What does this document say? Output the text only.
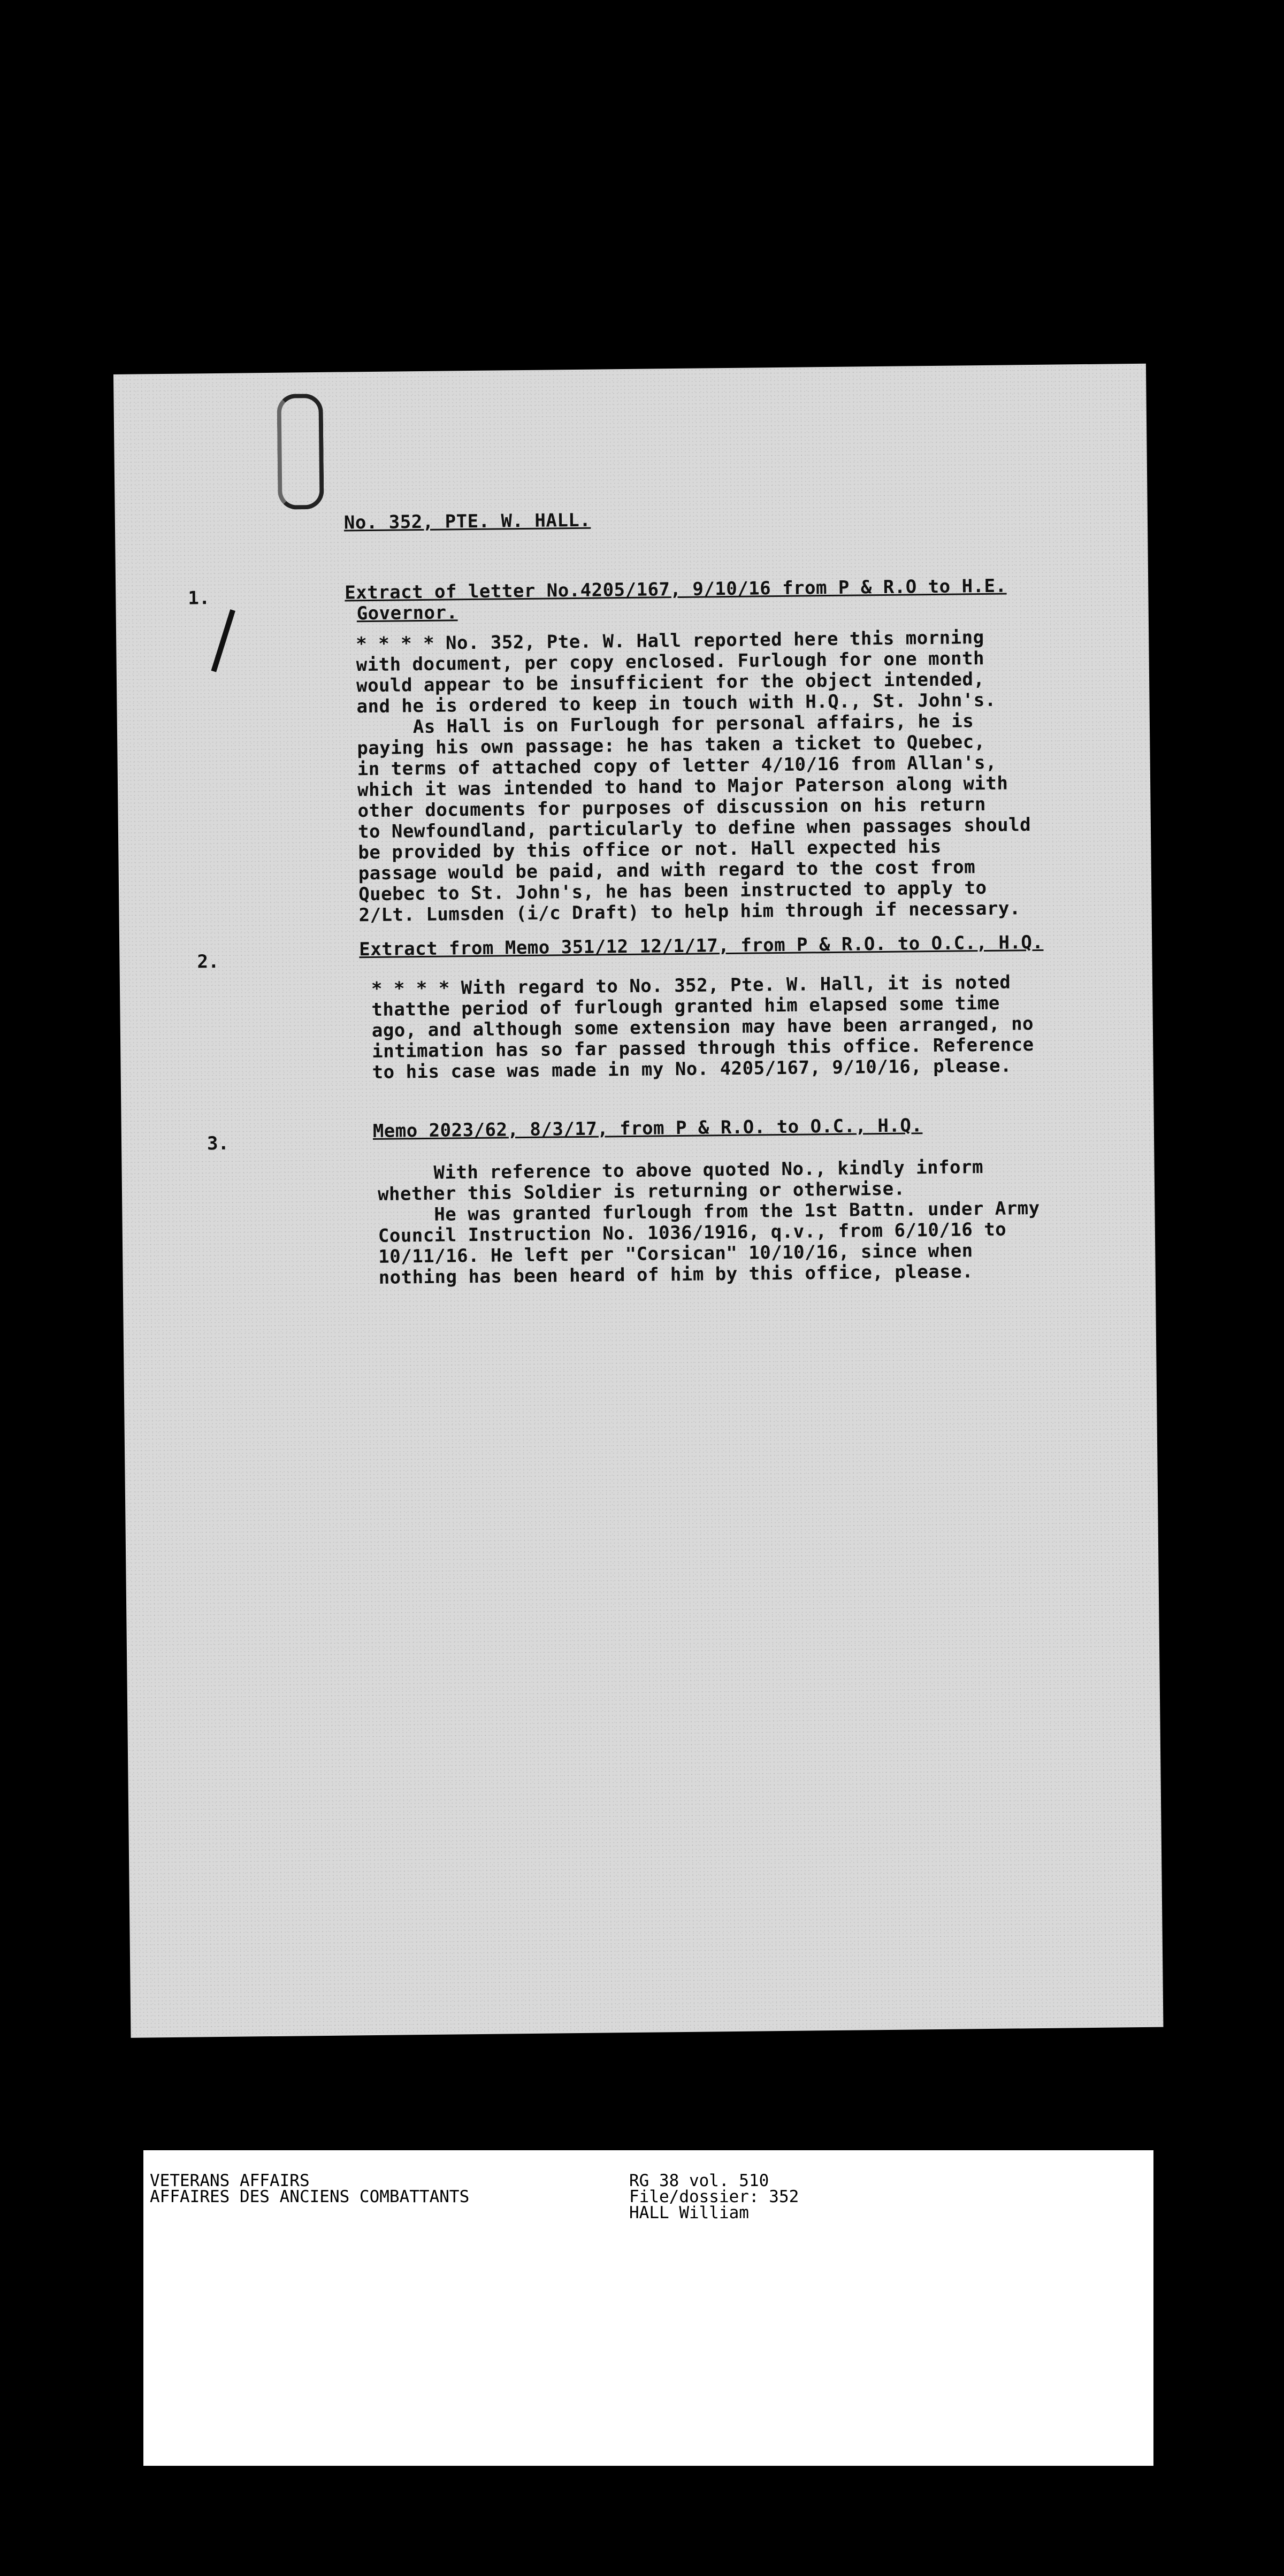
No. 352, PTE. W. HALL.
1.	Extract of letter No.4205/167, 9/10/16 from P & R.O to H.E.
Governor.
* * * * No. 352, Pte. W. Hall reported here this morning
with document, per copy enclosed. Furlough for one month
would appear to be insufficient for the object intended,
and he is ordered to keep in touch with H.Q., St. John's.
As Hall is on Furlough for personal affairs, he is
paying his own passage: he has taken a ticket to Quebec,
in terms of attached copy of letter 4/10/16 from Allan's,
which it was intended to hand to Major Paterson along with
other documents for purposes of discussion on his return
to Newfoundland, particularly to define when passages should
be provided by this office or not. Hall expected his
passage would be paid, and with regard to the cost from
Quebec to St. John's, he has been instructed to apply to
2/Lt. Lumsden (i/c Draft) to help him through if necessary.
2.
Extract from Memo 351/12 12/1/17, from P & R.O. to O.C., H.Q.
* * * * With regard to No. 352, Pte. W. Hall, it is noted
thatthe period of furlough granted him elapsed some time
ago, and although some extension may have been arranged, no
intimation has so far passed through this office. Reference
to his case was made in my No. 4205/167, 9/10/16, please.
3.
Memo 2023/62, 8/3/17, from P & R.O. to O.C., H.Q.
With reference to above quoted No., kindly inform
whether this Soldier is returning or otherwise.
He was granted furlough from the 1st Battn. under Army
Council Instruction No. 1036/1916, q.v., from 6/10/16 to
10/11/16. He left per "Corsican" 10/10/16, since when
nothing has been heard of him by this office, please.
VETERANS AFFAIRS
AFFAIRES DES ANCIENS COMBATTANTS
RG 38 vol. 510
File/dossier: 352
HALL William
